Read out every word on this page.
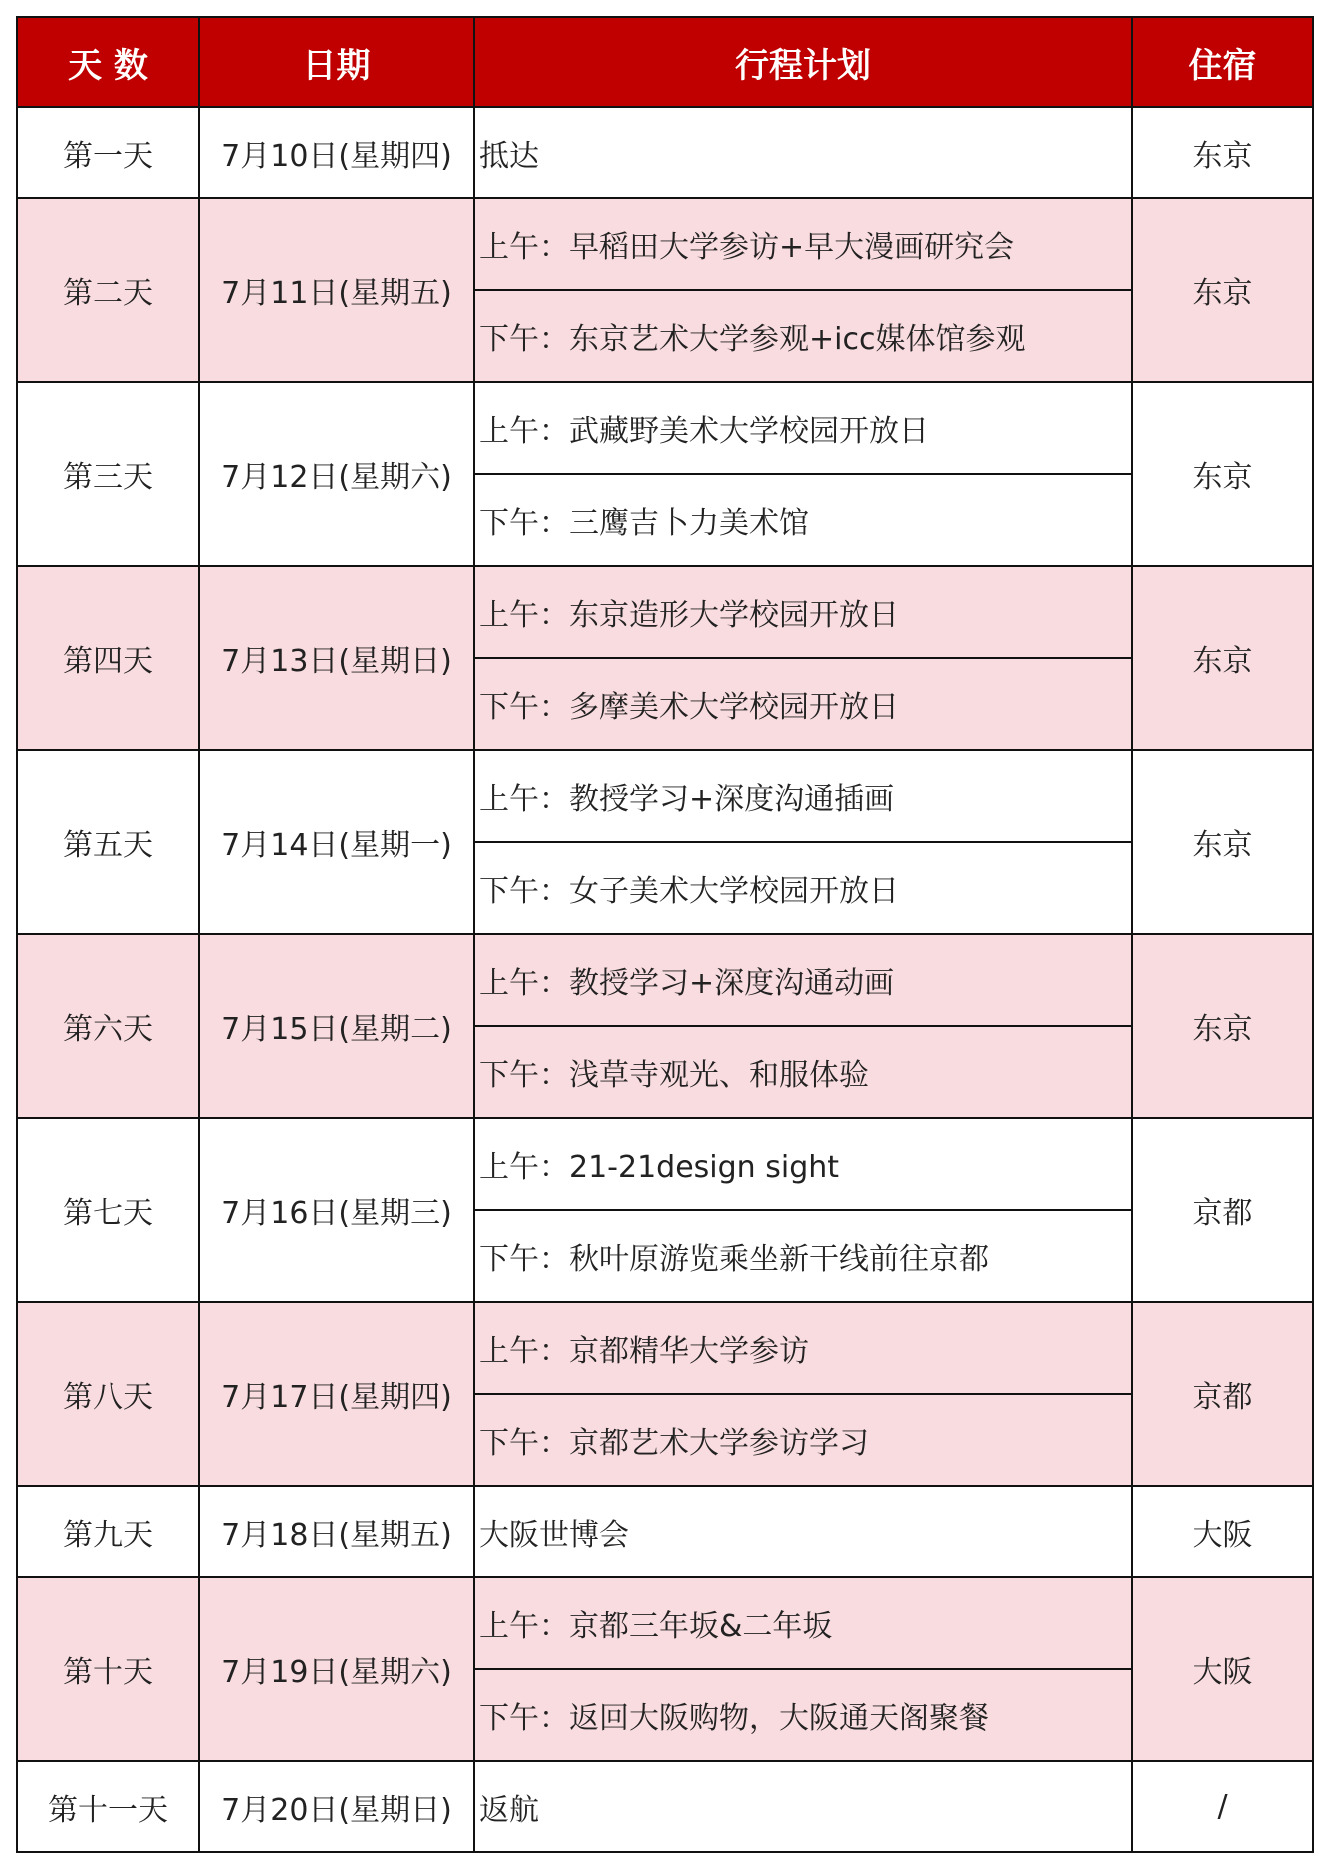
天 数	日期	行程计划	住宿
第一天	7月10日(星期四)	抵达	东京
第二天	7月11日(星期五)	上午：早稻田大学参访+早大漫画研究会	东京
		下午：东京艺术大学参观+icc媒体馆参观	
第三天	7月12日(星期六)	上午：武藏野美术大学校园开放日	东京
		下午：三鹰吉卜力美术馆	
第四天	7月13日(星期日)	上午：东京造形大学校园开放日	东京
		下午：多摩美术大学校园开放日	
第五天	7月14日(星期一)	上午：教授学习+深度沟通插画	东京
		下午：女子美术大学校园开放日	
第六天	7月15日(星期二)	上午：教授学习+深度沟通动画	东京
		下午：浅草寺观光、和服体验	
第七天	7月16日(星期三)	上午：21-21design sight	京都
		下午：秋叶原游览乘坐新干线前往京都	
第八天	7月17日(星期四)	上午：京都精华大学参访	京都
		下午：京都艺术大学参访学习	
第九天	7月18日(星期五)	大阪世博会	大阪
第十天	7月19日(星期六)	上午：京都三年坂&二年坂	大阪
		下午：返回大阪购物，大阪通天阁聚餐	
第十一天	7月20日(星期日)	返航	/
